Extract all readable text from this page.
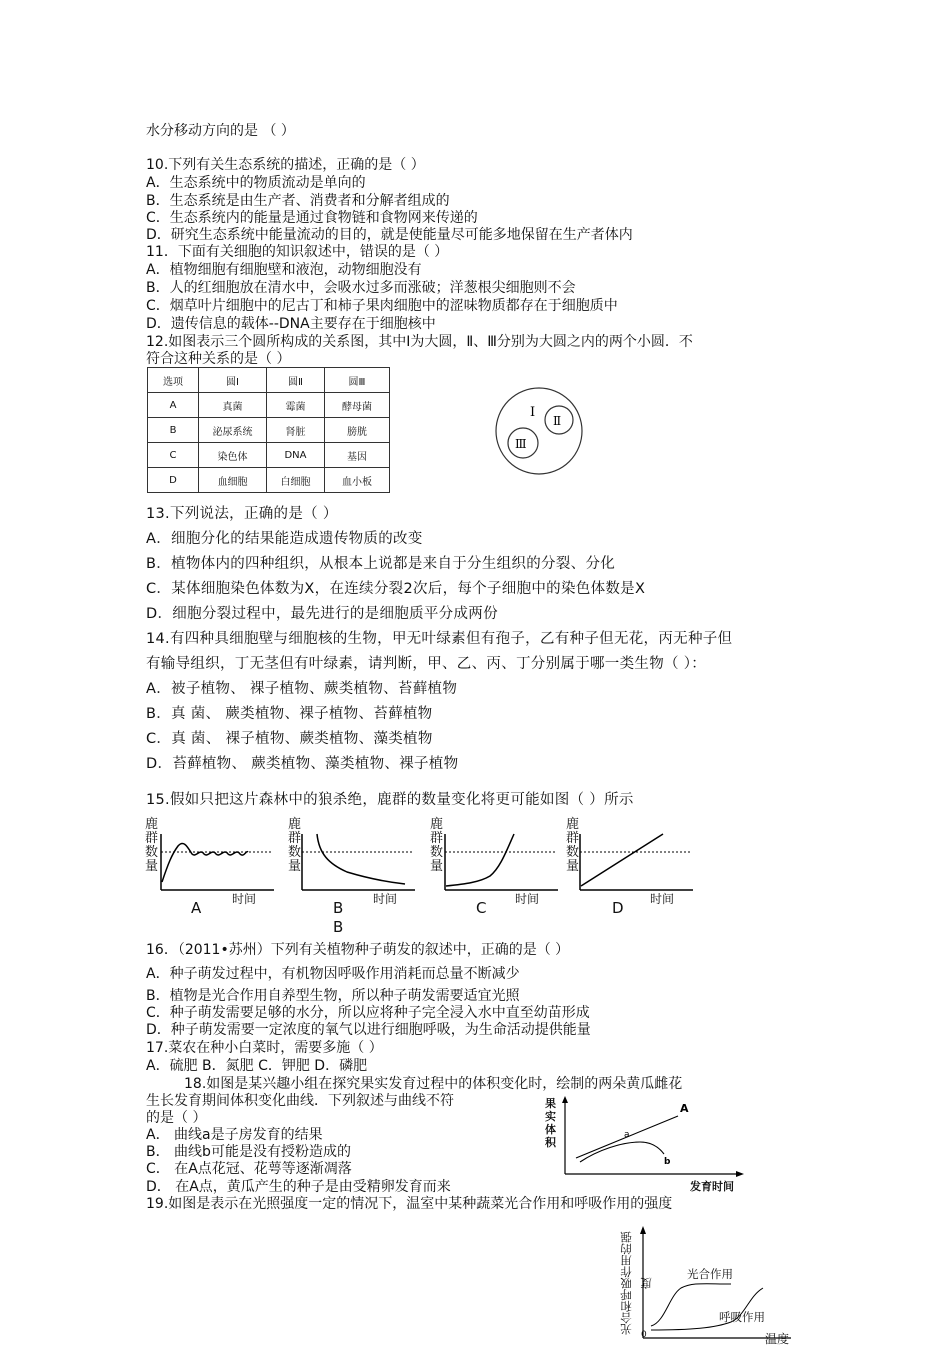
水分移动方向的是 （ ）
10.下列有关生态系统的描述，正确的是（ ）
A．生态系统中的物质流动是单向的
B．生态系统是由生产者、消费者和分解者组成的
C．生态系统内的能量是通过食物链和食物网来传递的
D．研究生态系统中能量流动的目的，就是使能量尽可能多地保留在生产者体内
11．下面有关细胞的知识叙述中，错误的是（ ）
A．植物细胞有细胞壁和液泡，动物细胞没有
B．人的红细胞放在清水中，会吸水过多而涨破；洋葱根尖细胞则不会
C．烟草叶片细胞中的尼古丁和柿子果肉细胞中的涩味物质都存在于细胞质中
D．遗传信息的载体--DNA主要存在于细胞核中
12.如图表示三个圆所构成的关系图，其中Ⅰ为大圆，Ⅱ、Ⅲ分别为大圆之内的两个小圆．不
符合这种关系的是（ ）
选项	圆Ⅰ	圆Ⅱ	圆Ⅲ
A	真菌	霉菌	酵母菌
B	泌尿系统	肾脏	膀胱
C	染色体	DNA	基因
D	血细胞	白细胞	血小板
Ⅰ
Ⅱ
Ⅲ
13.下列说法，正确的是（ ）
A．细胞分化的结果能造成遗传物质的改变
B．植物体内的四种组织，从根本上说都是来自于分生组织的分裂、分化
C．某体细胞染色体数为X，在连续分裂2次后，每个子细胞中的染色体数是X
D．细胞分裂过程中，最先进行的是细胞质平分成两份
14.有四种具细胞壁与细胞核的生物，甲无叶绿素但有孢子，乙有种子但无花，丙无种子但
有输导组织，丁无茎但有叶绿素，请判断，甲、乙、丙、丁分别属于哪一类生物（ ）：
A．被子植物、 裸子植物、蕨类植物、苔藓植物
B．真 菌、 蕨类植物、裸子植物、苔藓植物
C．真 菌、 裸子植物、蕨类植物、藻类植物
D．苔藓植物、 蕨类植物、藻类植物、裸子植物
15.假如只把这片森林中的狼杀绝，鹿群的数量变化将更可能如图（ ）所示
鹿
群
数
量
时间
A
鹿
群
数
量
时间
B
B
鹿
群
数
量
时间
C
鹿
群
数
量
时间
D
16．（2011•苏州）下列有关植物种子萌发的叙述中，正确的是（ ）
A．种子萌发过程中，有机物因呼吸作用消耗而总量不断减少
B．植物是光合作用自养型生物，所以种子萌发需要适宜光照
C．种子萌发需要足够的水分，所以应将种子完全浸入水中直至幼苗形成
D．种子萌发需要一定浓度的氧气以进行细胞呼吸，为生命活动提供能量
17.菜农在种小白菜时，需要多施（ ）
A．硫肥 B．氮肥 C．钾肥 D．磷肥
18.如图是某兴趣小组在探究果实发育过程中的体积变化时，绘制的两朵黄瓜雌花
生长发育期间体积变化曲线．下列叙述与曲线不符
的是（ ）
A． 曲线a是子房发育的结果
B． 曲线b可能是没有授粉造成的
C． 在A点花冠、花萼等逐渐凋落
D． 在A点，黄瓜产生的种子是由受精卵发育而来
果
实
体
积
A
a
b
发育时间
19.如图是表示在光照强度一定的情况下，温室中某种蔬菜光合作用和呼吸作用的强度
光合和呼吸作用的强度
光合作用
呼吸作用
0	温度
